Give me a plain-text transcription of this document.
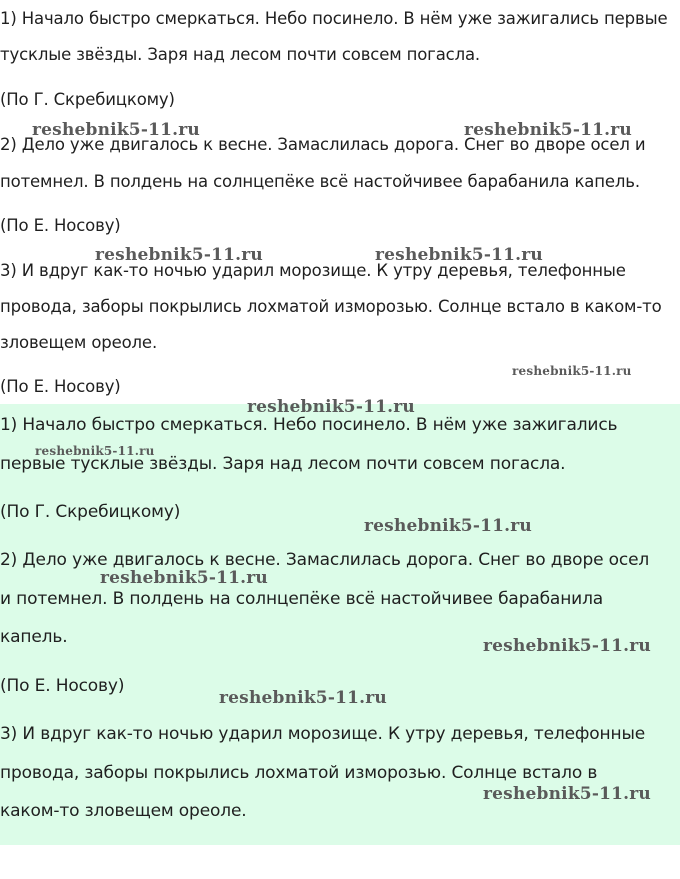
1) Начало быстро смеркаться. Небо посинело. В нём уже зажигались первые

тусклые звёзды. Заря над лесом почти совсем погасла.

(По Г. Скребицкому)

2) Дело уже двигалось к весне. Замаслилась дорога. Снег во дворе осел и

потемнел. В полдень на солнцепёке всё настойчивее барабанила капель.

(По Е. Носову)

3) И вдруг как-то ночью ударил морозище. К утру деревья, телефонные

провода, заборы покрылись лохматой изморозью. Солнце встало в каком-то

зловещем ореоле.

(По Е. Носову)

1) Начало быстро смеркаться. Небо посинело. В нём уже зажигались

первые тусклые звёзды. Заря над лесом почти совсем погасла.

(По Г. Скребицкому)

2) Дело уже двигалось к весне. Замаслилась дорога. Снег во дворе осел

и потемнел. В полдень на солнцепёке всё настойчивее барабанила

капель.

(По Е. Носову)

3) И вдруг как-то ночью ударил морозище. К утру деревья, телефонные

провода, заборы покрылись лохматой изморозью. Солнце встало в

каком-то зловещем ореоле.

reshebnik5-11.ru	reshebnik5-11.ru
reshebnik5-11.ru	reshebnik5-11.ru
reshebnik5-11.ru
reshebnik5-11.ru
reshebnik5-11.ru
reshebnik5-11.ru
reshebnik5-11.ru
reshebnik5-11.ru
reshebnik5-11.ru
reshebnik5-11.ru
